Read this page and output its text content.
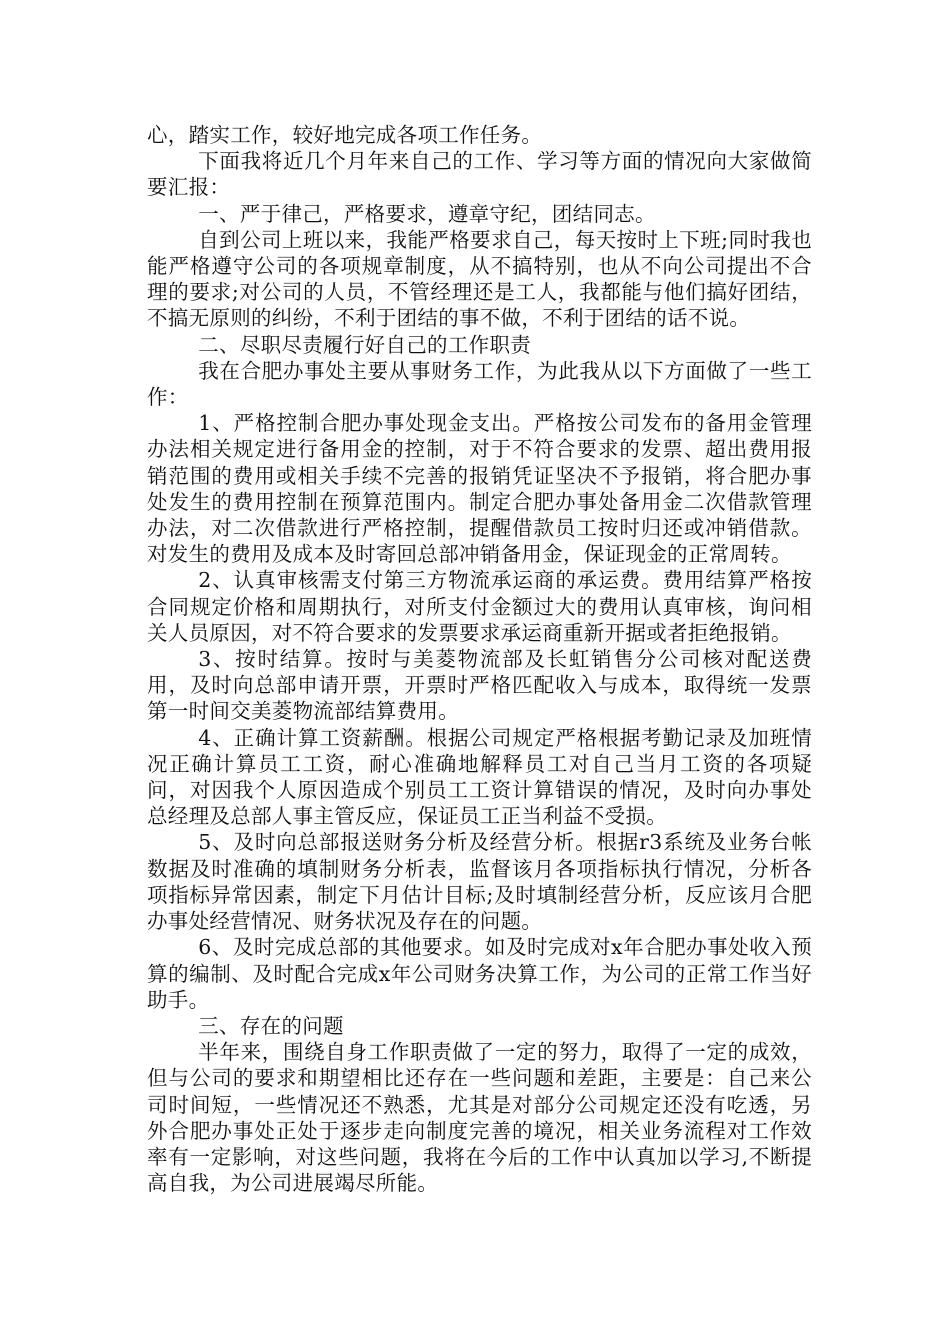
心，踏实工作，较好地完成各项工作任务。

下面我将近几个月年来自己的工作、学习等方面的情况向大家做简要汇报：

一、严于律己，严格要求，遵章守纪，团结同志。

自到公司上班以来，我能严格要求自己，每天按时上下班;同时我也能严格遵守公司的各项规章制度，从不搞特别，也从不向公司提出不合理的要求;对公司的人员，不管经理还是工人，我都能与他们搞好团结，不搞无原则的纠纷，不利于团结的事不做，不利于团结的话不说。

二、尽职尽责履行好自己的工作职责

我在合肥办事处主要从事财务工作，为此我从以下方面做了一些工作：

1、严格控制合肥办事处现金支出。严格按公司发布的备用金管理办法相关规定进行备用金的控制，对于不符合要求的发票、超出费用报销范围的费用或相关手续不完善的报销凭证坚决不予报销，将合肥办事处发生的费用控制在预算范围内。制定合肥办事处备用金二次借款管理办法，对二次借款进行严格控制，提醒借款员工按时归还或冲销借款。对发生的费用及成本及时寄回总部冲销备用金，保证现金的正常周转。

2、认真审核需支付第三方物流承运商的承运费。费用结算严格按合同规定价格和周期执行，对所支付金额过大的费用认真审核，询问相关人员原因，对不符合要求的发票要求承运商重新开据或者拒绝报销。

3、按时结算。按时与美菱物流部及长虹销售分公司核对配送费用，及时向总部申请开票，开票时严格匹配收入与成本，取得统一发票第一时间交美菱物流部结算费用。

4、正确计算工资薪酬。根据公司规定严格根据考勤记录及加班情况正确计算员工工资，耐心准确地解释员工对自己当月工资的各项疑问，对因我个人原因造成个别员工工资计算错误的情况，及时向办事处总经理及总部人事主管反应，保证员工正当利益不受损。

5、及时向总部报送财务分析及经营分析。根据r3系统及业务台帐数据及时准确的填制财务分析表，监督该月各项指标执行情况，分析各项指标异常因素，制定下月估计目标;及时填制经营分析，反应该月合肥办事处经营情况、财务状况及存在的问题。

6、及时完成总部的其他要求。如及时完成对x年合肥办事处收入预算的编制、及时配合完成x年公司财务决算工作，为公司的正常工作当好助手。

三、存在的问题

半年来，围绕自身工作职责做了一定的努力，取得了一定的成效，但与公司的要求和期望相比还存在一些问题和差距，主要是：自己来公司时间短，一些情况还不熟悉，尤其是对部分公司规定还没有吃透，另外合肥办事处正处于逐步走向制度完善的境况，相关业务流程对工作效率有一定影响，对这些问题，我将在今后的工作中认真加以学习,不断提高自我，为公司进展竭尽所能。
